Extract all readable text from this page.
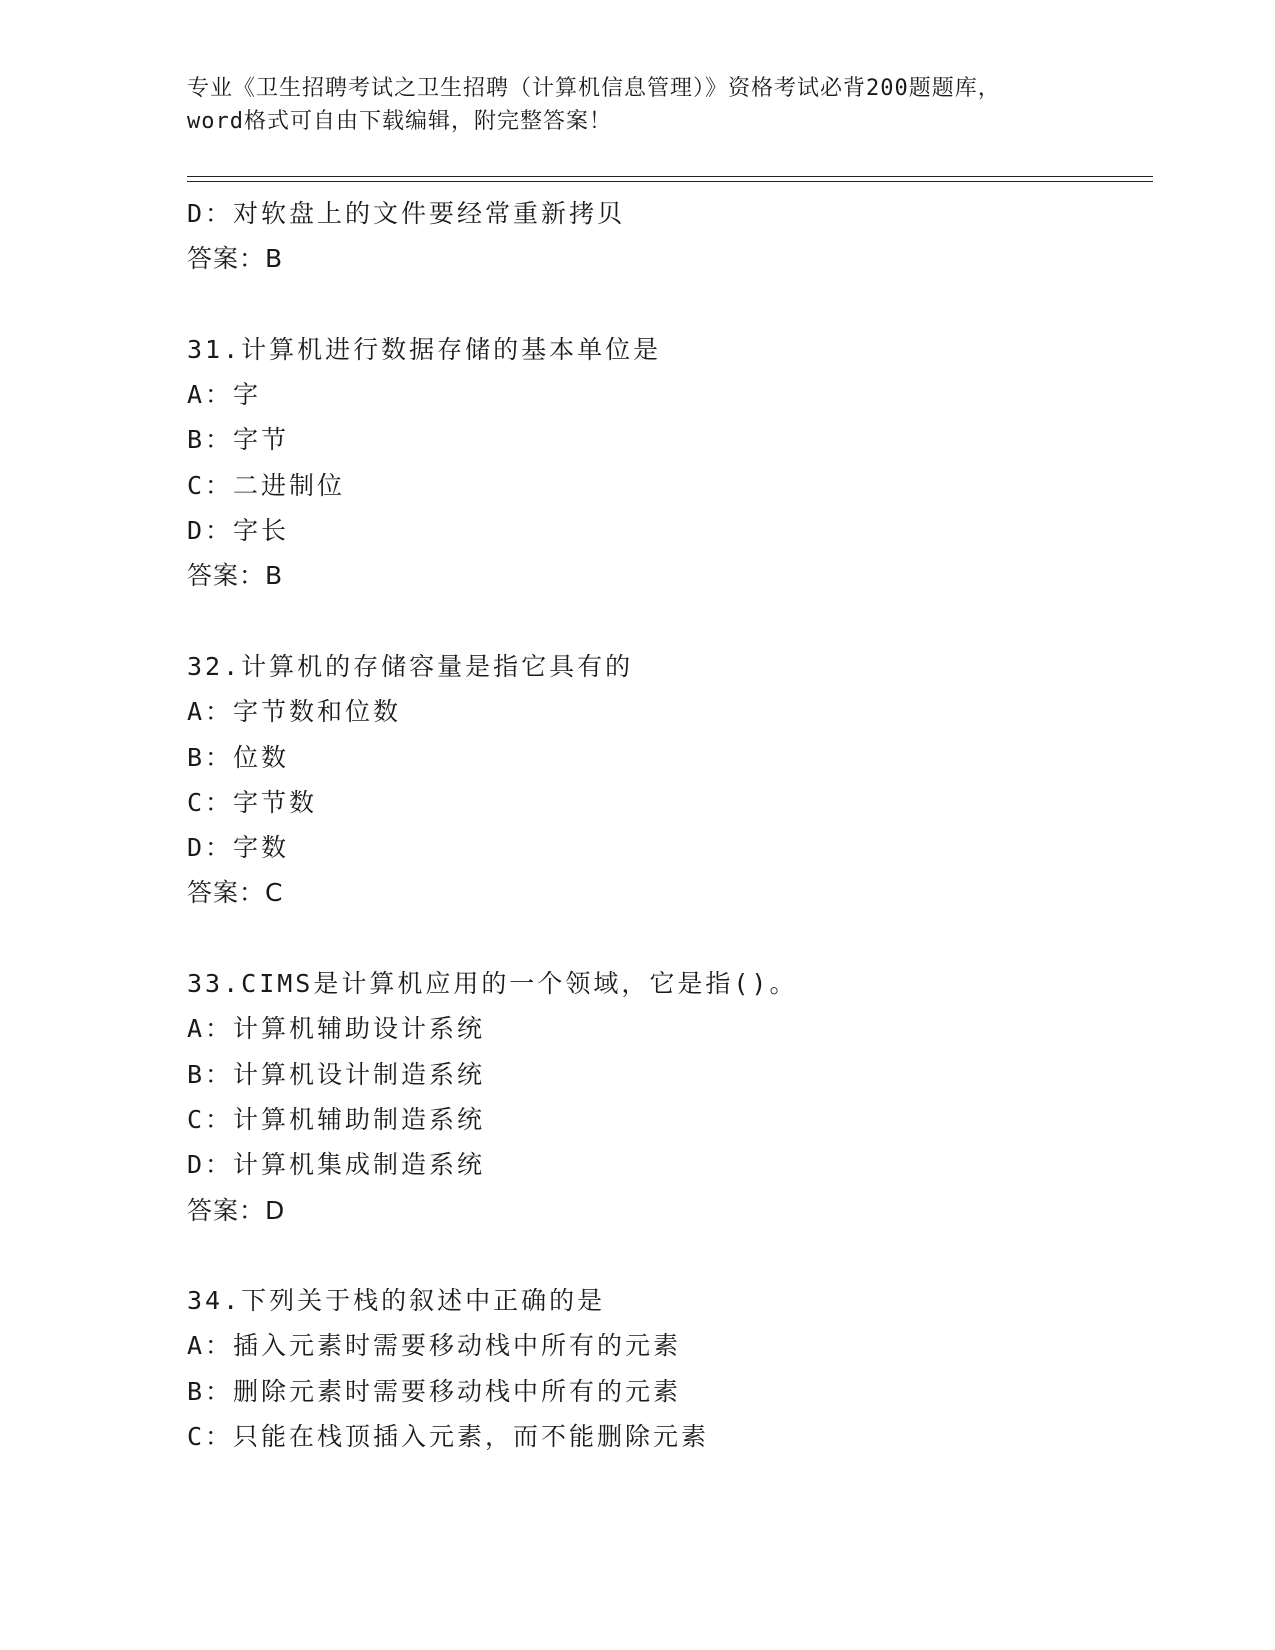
专业《卫生招聘考试之卫生招聘（计算机信息管理）》资格考试必背200题题库，
word格式可自由下载编辑，附完整答案！
D：对软盘上的文件要经常重新拷贝
答案：B
31.计算机进行数据存储的基本单位是
A：字
B：字节
C：二进制位
D：字长
答案：B
32.计算机的存储容量是指它具有的
A：字节数和位数
B：位数
C：字节数
D：字数
答案：C
33.CIMS是计算机应用的一个领域，它是指()。
A：计算机辅助设计系统
B：计算机设计制造系统
C：计算机辅助制造系统
D：计算机集成制造系统
答案：D
34.下列关于栈的叙述中正确的是
A：插入元素时需要移动栈中所有的元素
B：删除元素时需要移动栈中所有的元素
C：只能在栈顶插入元素，而不能删除元素
